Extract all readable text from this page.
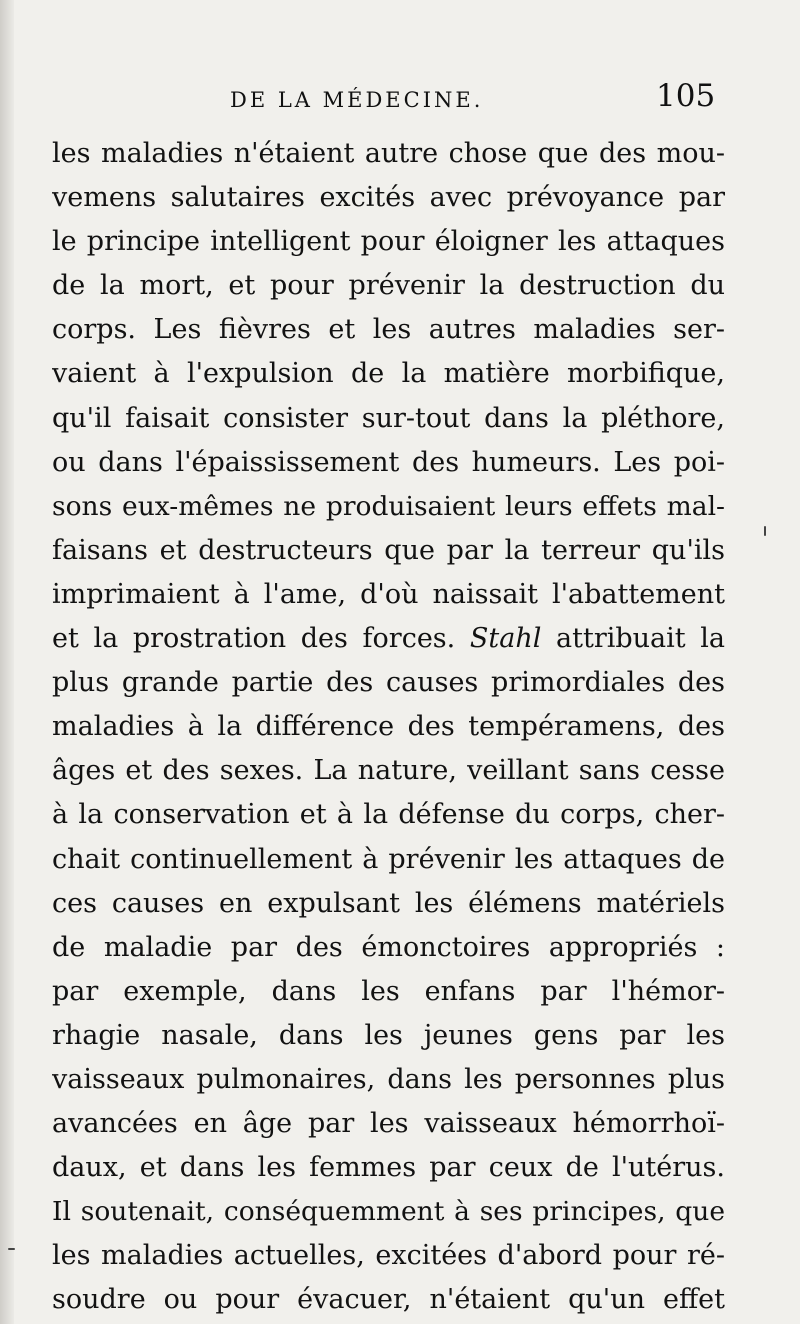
DE LA MÉDECINE.	105
les maladies n'étaient autre chose que des mou-
vemens salutaires excités avec prévoyance par
le principe intelligent pour éloigner les attaques
de la mort, et pour prévenir la destruction du
corps. Les fièvres et les autres maladies ser-
vaient à l'expulsion de la matière morbifique,
qu'il faisait consister sur-tout dans la pléthore,
ou dans l'épaississement des humeurs. Les poi-
sons eux-mêmes ne produisaient leurs effets mal-
faisans et destructeurs que par la terreur qu'ils
imprimaient à l'ame, d'où naissait l'abattement
et la prostration des forces. Stahl attribuait la
plus grande partie des causes primordiales des
maladies à la différence des tempéramens, des
âges et des sexes. La nature, veillant sans cesse
à la conservation et à la défense du corps, cher-
chait continuellement à prévenir les attaques de
ces causes en expulsant les élémens matériels
de maladie par des émonctoires appropriés :
par exemple, dans les enfans par l'hémor-
rhagie nasale, dans les jeunes gens par les
vaisseaux pulmonaires, dans les personnes plus
avancées en âge par les vaisseaux hémorrhoï-
daux, et dans les femmes par ceux de l'utérus.
Il soutenait, conséquemment à ses principes, que
les maladies actuelles, excitées d'abord pour ré-
soudre ou pour évacuer, n'étaient qu'un effet
